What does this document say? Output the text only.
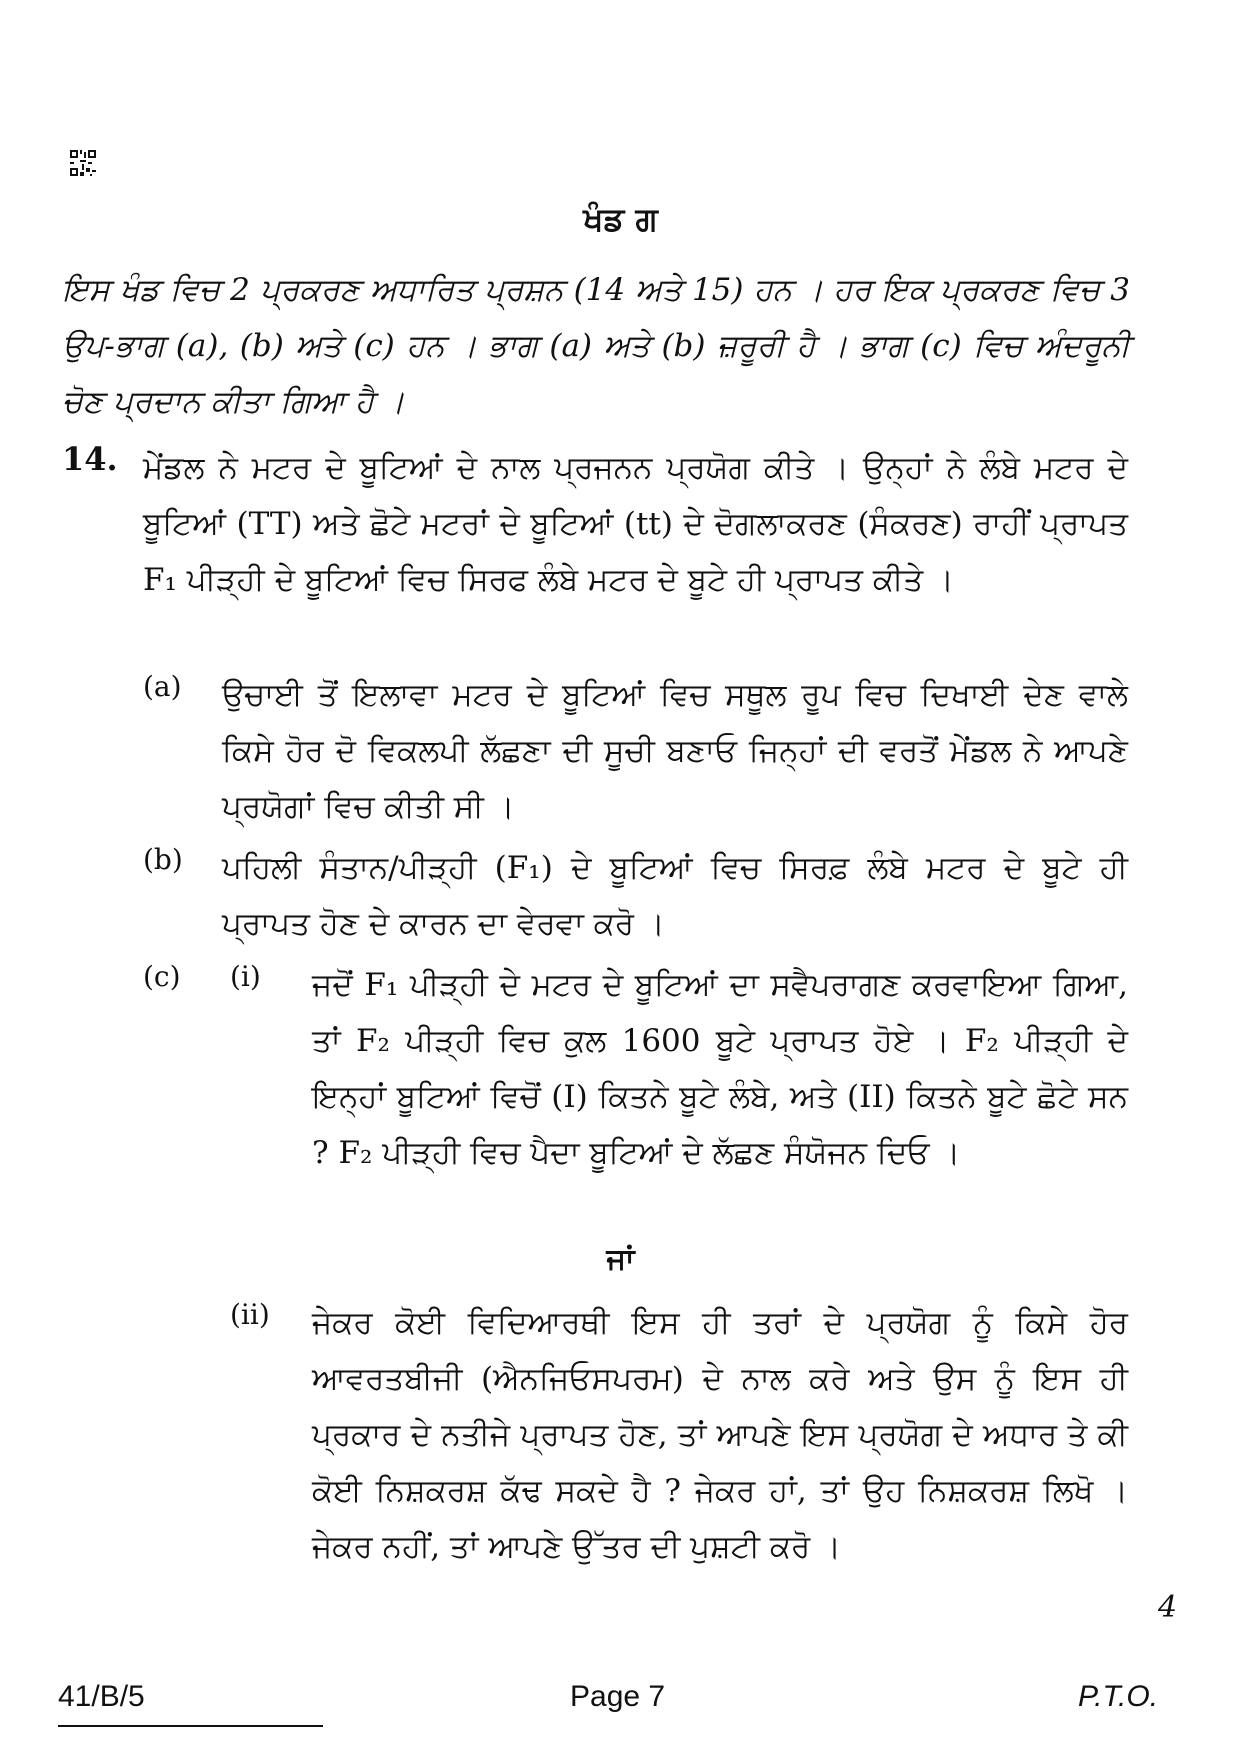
ਖੰਡ ਗ
ਇਸ ਖੰਡ ਵਿਚ 2 ਪ੍ਰਕਰਣ ਅਧਾਰਿਤ ਪ੍ਰਸ਼ਨ (14 ਅਤੇ 15) ਹਨ । ਹਰ ਇਕ ਪ੍ਰਕਰਣ ਵਿਚ 3 ਉਪ-ਭਾਗ (a), (b) ਅਤੇ (c) ਹਨ । ਭਾਗ (a) ਅਤੇ (b) ਜ਼ਰੂਰੀ ਹੈ । ਭਾਗ (c) ਵਿਚ ਅੰਦਰੂਨੀ ਚੋਣ ਪ੍ਰਦਾਨ ਕੀਤਾ ਗਿਆ ਹੈ ।
14. ਮੇਂਡਲ ਨੇ ਮਟਰ ਦੇ ਬੂਟਿਆਂ ਦੇ ਨਾਲ ਪ੍ਰਜਨਨ ਪ੍ਰਯੋਗ ਕੀਤੇ । ਉਨ੍ਹਾਂ ਨੇ ਲੰਬੇ ਮਟਰ ਦੇ ਬੂਟਿਆਂ (TT) ਅਤੇ ਛੋਟੇ ਮਟਰਾਂ ਦੇ ਬੂਟਿਆਂ (tt) ਦੇ ਦੋਗਲਾਕਰਣ (ਸੰਕਰਣ) ਰਾਹੀਂ ਪ੍ਰਾਪਤ F₁ ਪੀੜ੍ਹੀ ਦੇ ਬੂਟਿਆਂ ਵਿਚ ਸਿਰਫ ਲੰਬੇ ਮਟਰ ਦੇ ਬੂਟੇ ਹੀ ਪ੍ਰਾਪਤ ਕੀਤੇ ।
(a) ਉਚਾਈ ਤੋਂ ਇਲਾਵਾ ਮਟਰ ਦੇ ਬੂਟਿਆਂ ਵਿਚ ਸਥੂਲ ਰੂਪ ਵਿਚ ਦਿਖਾਈ ਦੇਣ ਵਾਲੇ ਕਿਸੇ ਹੋਰ ਦੋ ਵਿਕਲਪੀ ਲੱਛਣਾ ਦੀ ਸੂਚੀ ਬਣਾਓ ਜਿਨ੍ਹਾਂ ਦੀ ਵਰਤੋਂ ਮੇਂਡਲ ਨੇ ਆਪਣੇ ਪ੍ਰਯੋਗਾਂ ਵਿਚ ਕੀਤੀ ਸੀ ।
(b) ਪਹਿਲੀ ਸੰਤਾਨ/ਪੀੜ੍ਹੀ (F₁) ਦੇ ਬੂਟਿਆਂ ਵਿਚ ਸਿਰਫ਼ ਲੰਬੇ ਮਟਰ ਦੇ ਬੂਟੇ ਹੀ ਪ੍ਰਾਪਤ ਹੋਣ ਦੇ ਕਾਰਨ ਦਾ ਵੇਰਵਾ ਕਰੋ ।
(c) (i) ਜਦੋਂ F₁ ਪੀੜ੍ਹੀ ਦੇ ਮਟਰ ਦੇ ਬੂਟਿਆਂ ਦਾ ਸਵੈਪਰਾਗਣ ਕਰਵਾਇਆ ਗਿਆ, ਤਾਂ F₂ ਪੀੜ੍ਹੀ ਵਿਚ ਕੁਲ 1600 ਬੂਟੇ ਪ੍ਰਾਪਤ ਹੋਏ । F₂ ਪੀੜ੍ਹੀ ਦੇ ਇਨ੍ਹਾਂ ਬੂਟਿਆਂ ਵਿਚੋਂ (I) ਕਿਤਨੇ ਬੂਟੇ ਲੰਬੇ, ਅਤੇ (II) ਕਿਤਨੇ ਬੂਟੇ ਛੋਟੇ ਸਨ ? F₂ ਪੀੜ੍ਹੀ ਵਿਚ ਪੈਦਾ ਬੂਟਿਆਂ ਦੇ ਲੱਛਣ ਸੰਯੋਜਨ ਦਿਓ ।
ਜਾਂ
(ii) ਜੇਕਰ ਕੋਈ ਵਿਦਿਆਰਥੀ ਇਸ ਹੀ ਤਰਾਂ ਦੇ ਪ੍ਰਯੋਗ ਨੂੰ ਕਿਸੇ ਹੋਰ ਆਵਰਤਬੀਜੀ (ਐਨਜਿਓਸਪਰਮ) ਦੇ ਨਾਲ ਕਰੇ ਅਤੇ ਉਸ ਨੂੰ ਇਸ ਹੀ ਪ੍ਰਕਾਰ ਦੇ ਨਤੀਜੇ ਪ੍ਰਾਪਤ ਹੋਣ, ਤਾਂ ਆਪਣੇ ਇਸ ਪ੍ਰਯੋਗ ਦੇ ਅਧਾਰ ਤੇ ਕੀ ਕੋਈ ਨਿਸ਼ਕਰਸ਼ ਕੱਢ ਸਕਦੇ ਹੈ ? ਜੇਕਰ ਹਾਂ, ਤਾਂ ਉਹ ਨਿਸ਼ਕਰਸ਼ ਲਿਖੋ । ਜੇਕਰ ਨਹੀਂ, ਤਾਂ ਆਪਣੇ ਉੱਤਰ ਦੀ ਪੁਸ਼ਟੀ ਕਰੋ ।
4
41/B/5	Page 7	P.T.O.
